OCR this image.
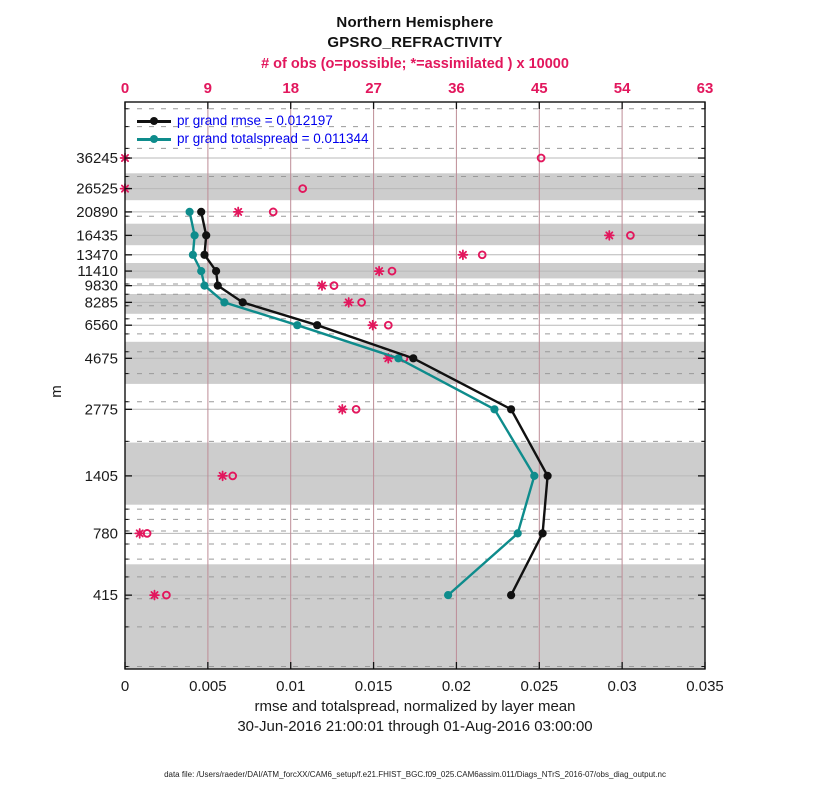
Northern Hemisphere
GPSRO_REFRACTIVITY
# of obs (o=possible; *=assimilated ) x 10000
0	0.005	0.01	0.015	0.02	0.025	0.03	0.035
0	9	18	27	36	45	54	63
415
780
1405
2775
4675
6560
8285
9830
11410
13470
16435
20890
26525
36245
pr grand rmse = 0.012197
pr grand totalspread = 0.011344
m
rmse and totalspread, normalized by layer mean
30-Jun-2016 21:00:01 through 01-Aug-2016 03:00:00
data file: /Users/raeder/DAI/ATM_forcXX/CAM6_setup/f.e21.FHIST_BGC.f09_025.CAM6assim.011/Diags_NTrS_2016-07/obs_diag_output.nc
